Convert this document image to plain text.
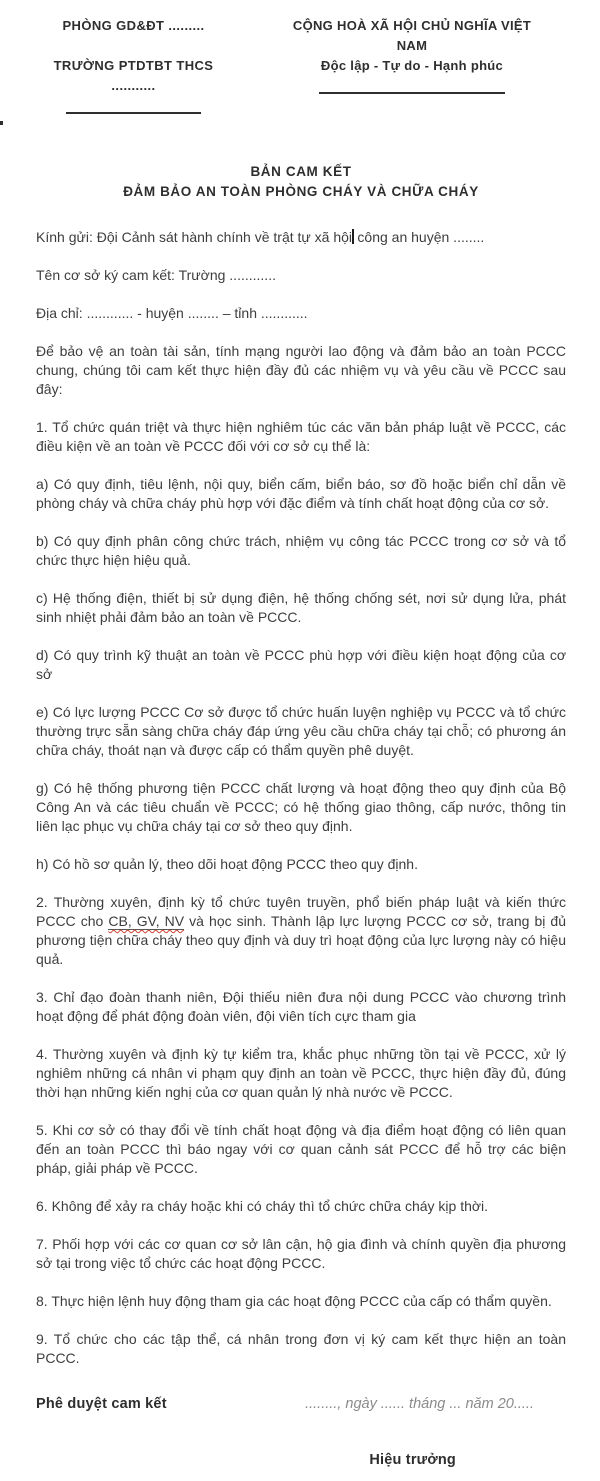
PHÒNG GD&ĐT .........
TRƯỜNG PTDTBT THCS ...........
CỘNG HOÀ XÃ HỘI CHỦ NGHĨA VIỆT NAM
Độc lập - Tự do - Hạnh phúc
BẢN CAM KẾT
ĐẢM BẢO AN TOÀN PHÒNG CHÁY VÀ CHỮA CHÁY

Kính gửi: Đội Cảnh sát hành chính về trật tự xã hội công an huyện ........

Tên cơ sở ký cam kết: Trường ............

Địa chỉ: ............ - huyện ........ – tỉnh ............

Để bảo vệ an toàn tài sản, tính mạng người lao động và đảm bảo an toàn PCCC chung, chúng tôi cam kết thực hiện đầy đủ các nhiệm vụ và yêu cầu về PCCC sau đây:

1. Tổ chức quán triệt và thực hiện nghiêm túc các văn bản pháp luật về PCCC, các điều kiện về an toàn về PCCC đối với cơ sở cụ thể là:

a) Có quy định, tiêu lệnh, nội quy, biển cấm, biển báo, sơ đồ hoặc biển chỉ dẫn về phòng cháy và chữa cháy phù hợp với đặc điểm và tính chất hoạt động của cơ sở.

b) Có quy định phân công chức trách, nhiệm vụ công tác PCCC trong cơ sở và tổ chức thực hiện hiệu quả.

c) Hệ thống điện, thiết bị sử dụng điện, hệ thống chống sét, nơi sử dụng lửa, phát sinh nhiệt phải đảm bảo an toàn về PCCC.

d) Có quy trình kỹ thuật an toàn về PCCC phù hợp với điều kiện hoạt động của cơ sở

e) Có lực lượng PCCC Cơ sở được tổ chức huấn luyện nghiệp vụ PCCC và tổ chức thường trực sẵn sàng chữa cháy đáp ứng yêu cầu chữa cháy tại chỗ; có phương án chữa cháy, thoát nạn và được cấp có thẩm quyền phê duyệt.

g) Có hệ thống phương tiện PCCC chất lượng và hoạt động theo quy định của Bộ Công An và các tiêu chuẩn về PCCC; có hệ thống giao thông, cấp nước, thông tin liên lạc phục vụ chữa cháy tại cơ sở theo quy định.

h) Có hồ sơ quản lý, theo dõi hoạt động PCCC theo quy định.

2. Thường xuyên, định kỳ tổ chức tuyên truyền, phổ biến pháp luật và kiến thức PCCC cho CB, GV, NV và học sinh. Thành lập lực lượng PCCC cơ sở, trang bị đủ phương tiện chữa cháy theo quy định và duy trì hoạt động của lực lượng này có hiệu quả.

3. Chỉ đạo đoàn thanh niên, Đội thiếu niên đưa nội dung PCCC vào chương trình hoạt động để phát động đoàn viên, đội viên tích cực tham gia

4. Thường xuyên và định kỳ tự kiểm tra, khắc phục những tồn tại về PCCC, xử lý nghiêm những cá nhân vi phạm quy định an toàn về PCCC, thực hiện đầy đủ, đúng thời hạn những kiến nghị của cơ quan quản lý nhà nước về PCCC.

5. Khi cơ sở có thay đổi về tính chất hoạt động và địa điểm hoạt động có liên quan đến an toàn PCCC thì báo ngay với cơ quan cảnh sát PCCC để hỗ trợ các biện pháp, giải pháp về PCCC.

6. Không để xảy ra cháy hoặc khi có cháy thì tổ chức chữa cháy kịp thời.

7. Phối hợp với các cơ quan cơ sở lân cận, hộ gia đình và chính quyền địa phương sở tại trong việc tổ chức các hoạt động PCCC.

8. Thực hiện lệnh huy động tham gia các hoạt động PCCC của cấp có thẩm quyền.

9. Tổ chức cho các tập thể, cá nhân trong đơn vị ký cam kết thực hiện an toàn PCCC.

Phê duyệt cam kết	........, ngày ...... tháng ... năm 20.....
Hiệu trưởng
